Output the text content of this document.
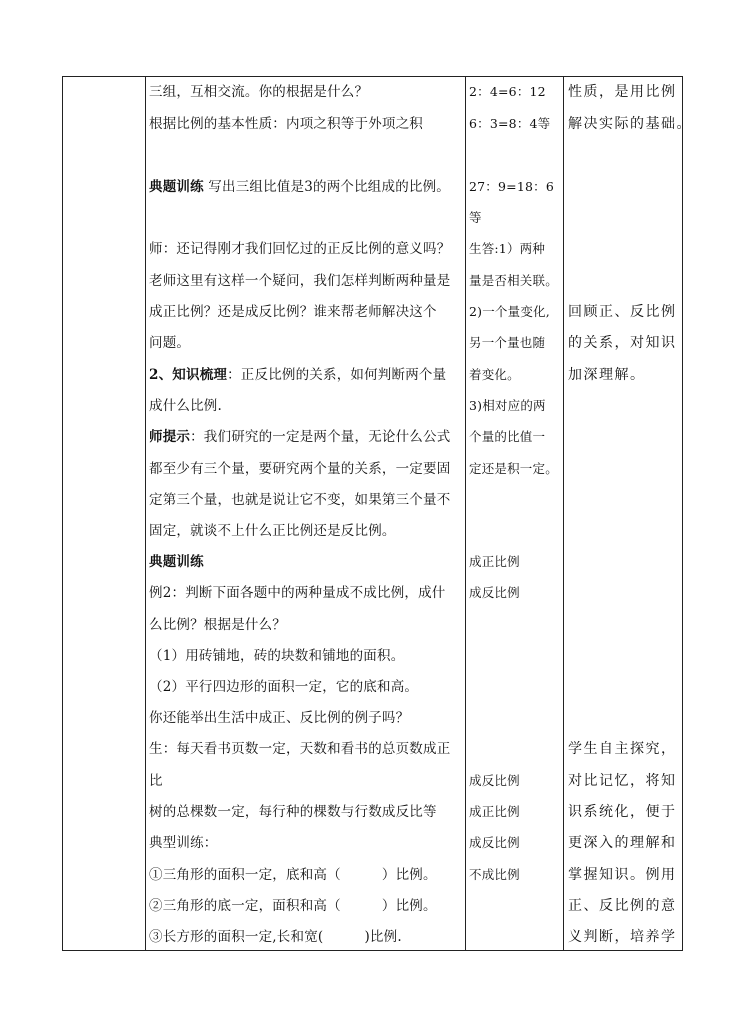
三组，互相交流。你的根据是什么？
根据比例的基本性质：内项之积等于外项之积
典题训练 写出三组比值是3的两个比组成的比例。
师：还记得刚才我们回忆过的正反比例的意义吗？
老师这里有这样一个疑问，我们怎样判断两种量是
成正比例？还是成反比例？谁来帮老师解决这个
问题。
2、知识梳理：正反比例的关系，如何判断两个量
成什么比例.
师提示：我们研究的一定是两个量，无论什么公式
都至少有三个量，要研究两个量的关系，一定要固
定第三个量，也就是说让它不变，如果第三个量不
固定，就谈不上什么正比例还是反比例。
典题训练
例2：判断下面各题中的两种量成不成比例，成什
么比例？根据是什么？
（1）用砖铺地，砖的块数和铺地的面积。
（2）平行四边形的面积一定，它的底和高。
你还能举出生活中成正、反比例的例子吗？
生：每天看书页数一定，天数和看书的总页数成正
比
树的总棵数一定，每行种的棵数与行数成反比等
典型训练：
①三角形的面积一定，底和高（　　　）比例。
②三角形的底一定，面积和高（　　　）比例。
③长方形的面积一定,长和宽(　　　)比例.
2：4=6：12
6：3=8：4等
27：9=18：6
等
生答:1）两种
量是否相关联。
2)一个量变化,
另一个量也随
着变化。
3)相对应的两
个量的比值一
定还是积一定。
成正比例
成反比例
成反比例
成正比例
成反比例
不成比例
性质，是用比例
解决实际的基础。
回顾正、反比例
的关系，对知识
加深理解。
学生自主探究，
对比记忆，将知
识系统化，便于
更深入的理解和
掌握知识。例用
正、反比例的意
义判断，培养学
